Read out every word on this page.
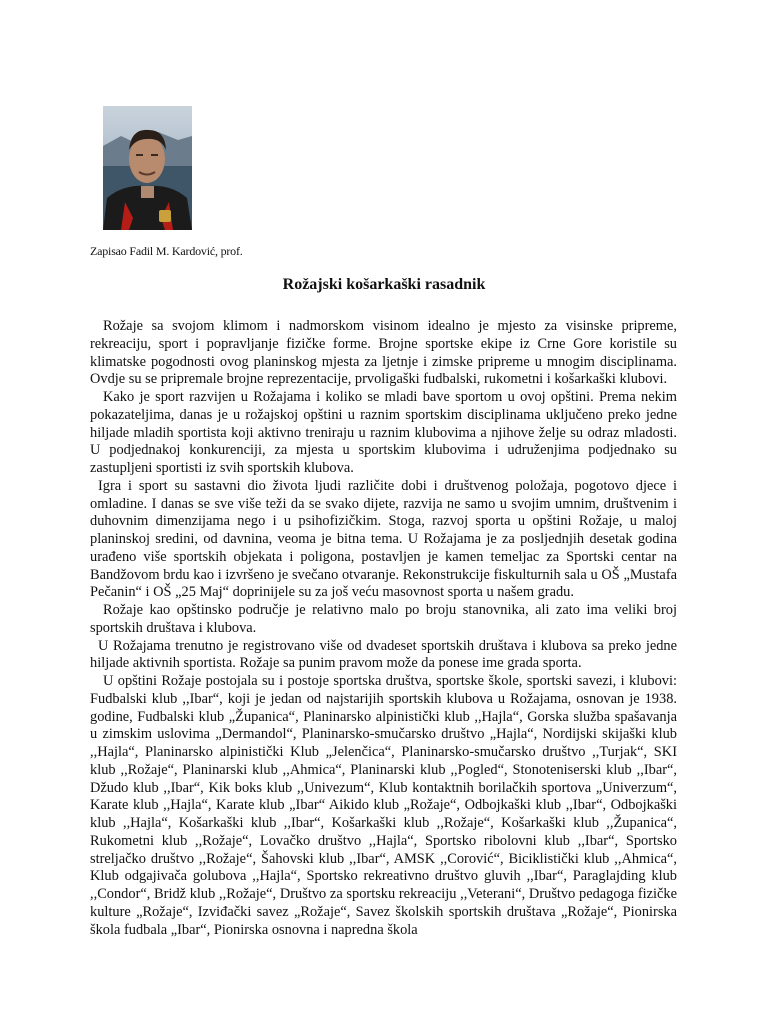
Zapisao Fadil M. Kardović, prof.
Rožajski košarkaški rasadnik

Rožaje sa svojom klimom i nadmorskom visinom idealno je mjesto za visinske pripreme, rekreaciju, sport i popravljanje fizičke forme. Brojne sportske ekipe iz Crne Gore koristile su klimatske pogodnosti ovog planinskog mjesta za ljetnje i zimske pripreme u mnogim disciplinama. Ovdje su se pripremale brojne reprezentacije, prvoligaški fudbalski, rukometni i košarkaški klubovi.

Kako je sport razvijen u Rožajama i koliko se mladi bave sportom u ovoj opštini. Prema nekim pokazateljima, danas je u rožajskoj opštini u raznim sportskim disciplinama uključeno preko jedne hiljade mladih sportista koji aktivno treniraju u raznim klubovima a njihove želje su odraz mladosti. U podjednakoj konkurenciji, za mjesta u sportskim klubovima i udruženjima podjednako su zastupljeni sportisti iz svih sportskih klubova.

Igra i sport su sastavni dio života ljudi različite dobi i društvenog položaja, pogotovo djece i omladine. I danas se sve više teži da se svako dijete, razvija ne samo u svojim umnim, društvenim i duhovnim dimenzijama nego i u psihofizičkim. Stoga, razvoj sporta u opštini Rožaje, u maloj planinskoj sredini, od davnina, veoma je bitna tema. U Rožajama je za posljednjih desetak godina urađeno više sportskih objekata i poligona, postavljen je kamen temeljac za Sportski centar na Bandžovom brdu kao i izvršeno je svečano otvaranje. Rekonstrukcije fiskulturnih sala u OŠ „Mustafa Pečanin“ i OŠ „25 Maj“ doprinijele su za još veću masovnost sporta u našem gradu.

Rožaje kao opštinsko područje je relativno malo po broju stanovnika, ali zato ima veliki broj sportskih društava i klubova.

U Rožajama trenutno je registrovano više od dvadeset sportskih društava i klubova sa preko jedne hiljade aktivnih sportista. Rožaje sa punim pravom može da ponese ime grada sporta.

U opštini Rožaje postojala su i postoje sportska društva, sportske škole, sportski savezi, i klubovi: Fudbalski klub ,,Ibar“, koji je jedan od najstarijih sportskih klubova u Rožajama, osnovan je 1938. godine, Fudbalski klub „Županica“, Planinarsko alpinistički klub ,,Hajla“, Gorska služba spašavanja u zimskim uslovima „Dermandol“, Planinarsko-smučarsko društvo „Hajla“, Nordijski skijaški klub ,,Hajla“, Planinarsko alpinistički Klub „Jelenčica“, Planinarsko-smučarsko društvo ,,Turjak“, SKI klub ,,Rožaje“, Planinarski klub ,,Ahmica“, Planinarski klub ,,Pogled“, Stonoteniserski klub ,,Ibar“, Džudo klub ,,Ibar“, Kik boks klub ,,Univezum“, Klub kontaktnih borilačkih sportova „Univerzum“, Karate klub ,,Hajla“, Karate klub „Ibar“ Aikido klub „Rožaje“, Odbojkaški klub ,,Ibar“, Odbojkaški klub ,,Hajla“, Košarkaški klub ,,Ibar“, Košarkaški klub ,,Rožaje“, Košarkaški klub ,,Županica“, Rukometni klub ,,Rožaje“, Lovačko društvo ,,Hajla“, Sportsko ribolovni klub ,,Ibar“, Sportsko streljačko društvo ,,Rožaje“, Šahovski klub ,,Ibar“, AMSK ,,Corović“, Biciklistički klub ,,Ahmica“, Klub odgajivača golubova ,,Hajla“, Sportsko rekreativno društvo gluvih ,,Ibar“, Paraglajding klub ,,Condor“, Bridž klub ,,Rožaje“, Društvo za sportsku rekreaciju ,,Veterani“, Društvo pedagoga fizičke kulture „Rožaje“, Izviđački savez „Rožaje“, Savez školskih sportskih društava „Rožaje“, Pionirska škola fudbala „Ibar“, Pionirska osnovna i napredna škola
